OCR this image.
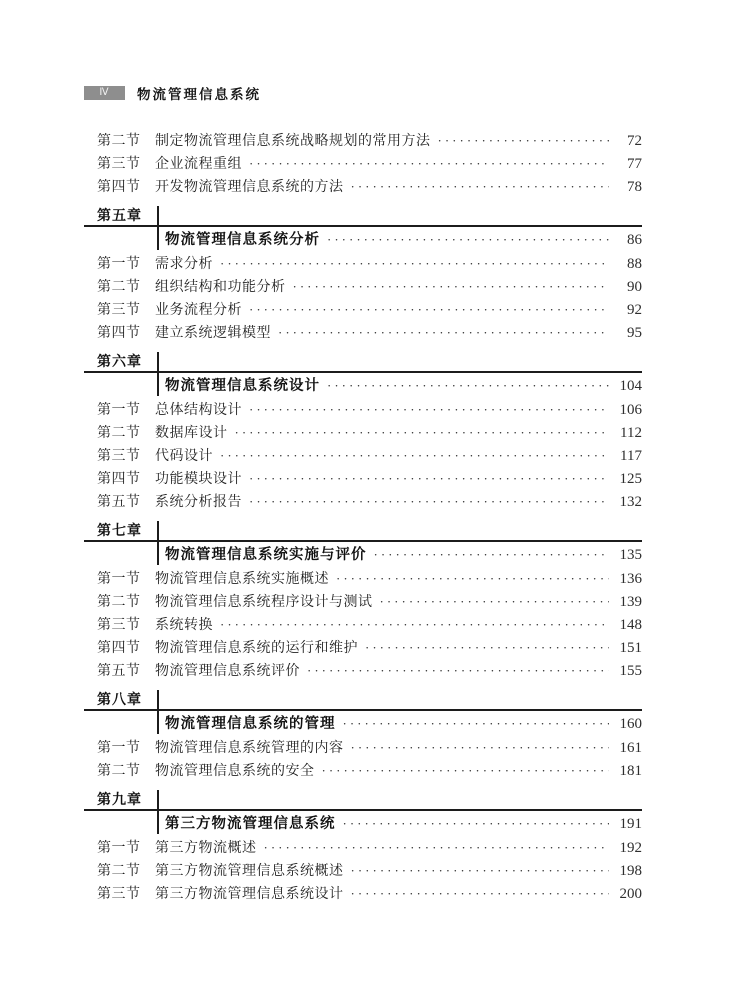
Ⅳ	物流管理信息系统
第二节	制定物流管理信息系统战略规划的常用方法 ·····	72
第三节	企业流程重组 ·····	77
第四节	开发物流管理信息系统的方法 ·····	78
第五章
物流管理信息系统分析 ·····	86
第一节	需求分析 ·····	88
第二节	组织结构和功能分析 ·····	90
第三节	业务流程分析 ·····	92
第四节	建立系统逻辑模型 ·····	95
第六章
物流管理信息系统设计 ·····	104
第一节	总体结构设计 ·····	106
第二节	数据库设计 ·····	112
第三节	代码设计 ·····	117
第四节	功能模块设计 ·····	125
第五节	系统分析报告 ·····	132
第七章
物流管理信息系统实施与评价 ·····	135
第一节	物流管理信息系统实施概述 ·····	136
第二节	物流管理信息系统程序设计与测试 ·····	139
第三节	系统转换 ·····	148
第四节	物流管理信息系统的运行和维护 ·····	151
第五节	物流管理信息系统评价 ·····	155
第八章
物流管理信息系统的管理 ·····	160
第一节	物流管理信息系统管理的内容 ·····	161
第二节	物流管理信息系统的安全 ·····	181
第九章
第三方物流管理信息系统 ·····	191
第一节	第三方物流概述 ·····	192
第二节	第三方物流管理信息系统概述 ·····	198
第三节	第三方物流管理信息系统设计 ·····	200
